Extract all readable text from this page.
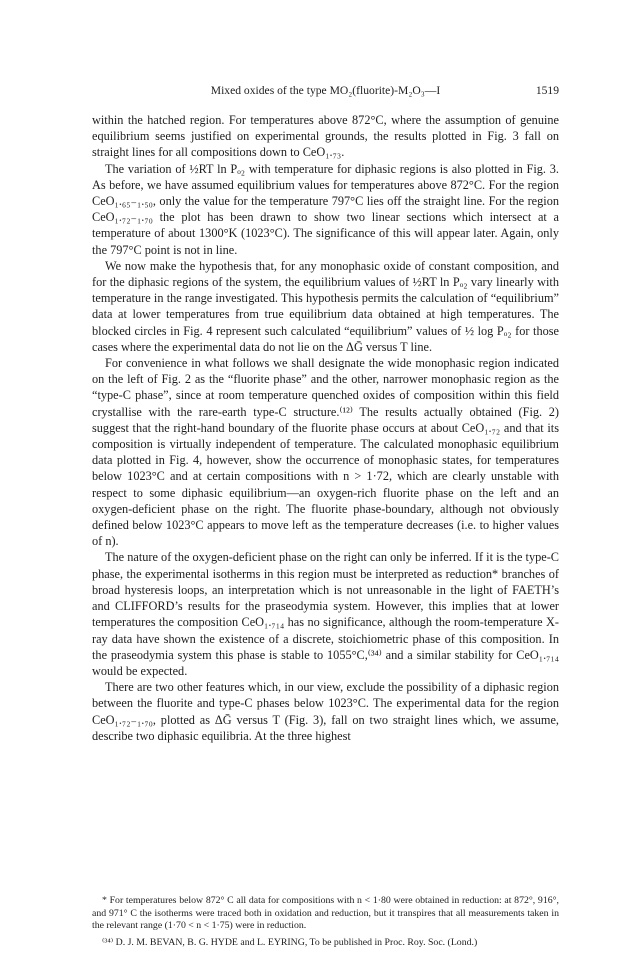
Mixed oxides of the type MO₂(fluorite)-M₂O₃—I	1519

within the hatched region. For temperatures above 872°C, where the assumption of genuine equilibrium seems justified on experimental grounds, the results plotted in Fig. 3 fall on straight lines for all compositions down to CeO₁.₇₃.

The variation of ½RT ln Pₒ₂ with temperature for diphasic regions is also plotted in Fig. 3. As before, we have assumed equilibrium values for temperatures above 872°C. For the region CeO₁.₆₅₋₁.₅₀, only the value for the temperature 797°C lies off the straight line. For the region CeO₁.₇₂₋₁.₇₀ the plot has been drawn to show two linear sections which intersect at a temperature of about 1300°K (1023°C). The significance of this will appear later. Again, only the 797°C point is not in line.

We now make the hypothesis that, for any monophasic oxide of constant composition, and for the diphasic regions of the system, the equilibrium values of ½RT ln Pₒ₂ vary linearly with temperature in the range investigated. This hypothesis permits the calculation of “equilibrium” data at lower temperatures from true equilibrium data obtained at high temperatures. The blocked circles in Fig. 4 represent such calculated “equilibrium” values of ½ log Pₒ₂ for those cases where the experimental data do not lie on the ΔḠ versus T line.

For convenience in what follows we shall designate the wide monophasic region indicated on the left of Fig. 2 as the “fluorite phase” and the other, narrower monophasic region as the “type-C phase”, since at room temperature quenched oxides of composition within this field crystallise with the rare-earth type-C structure.⁽¹²⁾ The results actually obtained (Fig. 2) suggest that the right-hand boundary of the fluorite phase occurs at about CeO₁.₇₂ and that its composition is virtually independent of temperature. The calculated monophasic equilibrium data plotted in Fig. 4, however, show the occurrence of monophasic states, for temperatures below 1023°C and at certain compositions with n > 1·72, which are clearly unstable with respect to some diphasic equilibrium—an oxygen-rich fluorite phase on the left and an oxygen-deficient phase on the right. The fluorite phase-boundary, although not obviously defined below 1023°C appears to move left as the temperature decreases (i.e. to higher values of n).

The nature of the oxygen-deficient phase on the right can only be inferred. If it is the type-C phase, the experimental isotherms in this region must be interpreted as reduction* branches of broad hysteresis loops, an interpretation which is not unreasonable in the light of FAETH’s and CLIFFORD’s results for the praseodymia system. However, this implies that at lower temperatures the composition CeO₁.₇₁₄ has no significance, although the room-temperature X-ray data have shown the existence of a discrete, stoichiometric phase of this composition. In the praseodymia system this phase is stable to 1055°C,⁽³⁴⁾ and a similar stability for CeO₁.₇₁₄ would be expected.

There are two other features which, in our view, exclude the possibility of a diphasic region between the fluorite and type-C phases below 1023°C. The experimental data for the region CeO₁.₇₂₋₁.₇₀, plotted as ΔḠ versus T (Fig. 3), fall on two straight lines which, we assume, describe two diphasic equilibria. At the three highest

* For temperatures below 872° C all data for compositions with n < 1·80 were obtained in reduction: at 872°, 916°, and 971° C the isotherms were traced both in oxidation and reduction, but it transpires that all measurements taken in the relevant range (1·70 < n < 1·75) were in reduction.

⁽³⁴⁾ D. J. M. BEVAN, B. G. HYDE and L. EYRING, To be published in Proc. Roy. Soc. (Lond.)
